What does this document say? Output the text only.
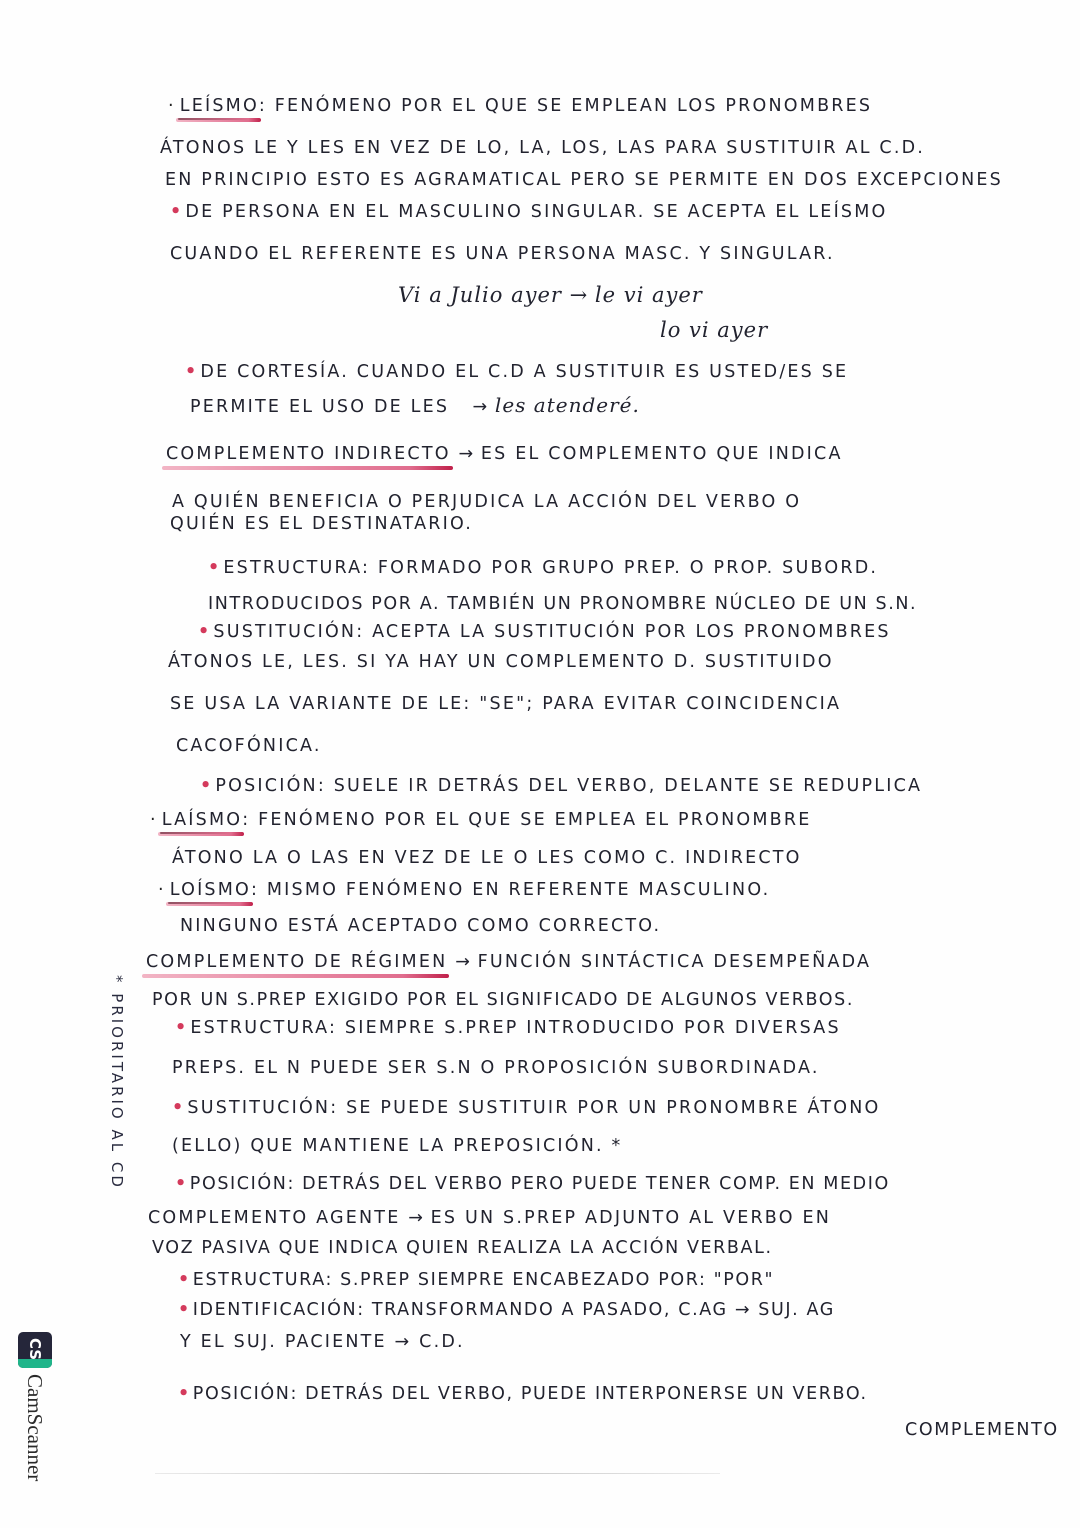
· LEÍSMO: FENÓMENO POR EL QUE SE EMPLEAN LOS PRONOMBRES
ÁTONOS LE Y LES EN VEZ DE LO, LA, LOS, LAS PARA SUSTITUIR AL C.D.
EN PRINCIPIO ESTO ES AGRAMATICAL PERO SE PERMITE EN DOS EXCEPCIONES
• DE PERSONA EN EL MASCULINO SINGULAR. SE ACEPTA EL LEÍSMO
CUANDO EL REFERENTE ES UNA PERSONA MASC. Y SINGULAR.
Vi a Julio ayer → le vi ayer
lo vi ayer
• DE CORTESÍA. CUANDO EL C.D A SUSTITUIR ES USTED/ES SE
PERMITE EL USO DE LES → les atenderé.
COMPLEMENTO INDIRECTO → ES EL COMPLEMENTO QUE INDICA
A QUIÉN BENEFICIA O PERJUDICA LA ACCIÓN DEL VERBO O
QUIÉN ES EL DESTINATARIO.
• ESTRUCTURA: FORMADO POR GRUPO PREP. O PROP. SUBORD.
INTRODUCIDOS POR A. TAMBIÉN UN PRONOMBRE NÚCLEO DE UN S.N.
• SUSTITUCIÓN: ACEPTA LA SUSTITUCIÓN POR LOS PRONOMBRES
ÁTONOS LE, LES. SI YA HAY UN COMPLEMENTO D. SUSTITUIDO
SE USA LA VARIANTE DE LE: "SE"; PARA EVITAR COINCIDENCIA
CACOFÓNICA.
• POSICIÓN: SUELE IR DETRÁS DEL VERBO, DELANTE SE REDUPLICA
· LAÍSMO: FENÓMENO POR EL QUE SE EMPLEA EL PRONOMBRE
ÁTONO LA O LAS EN VEZ DE LE O LES COMO C. INDIRECTO
· LOÍSMO: MISMO FENÓMENO EN REFERENTE MASCULINO.
NINGUNO ESTÁ ACEPTADO COMO CORRECTO.
COMPLEMENTO DE RÉGIMEN → FUNCIÓN SINTÁCTICA DESEMPEÑADA
POR UN S.PREP EXIGIDO POR EL SIGNIFICADO DE ALGUNOS VERBOS.
• ESTRUCTURA: SIEMPRE S.PREP INTRODUCIDO POR DIVERSAS
PREPS. EL N PUEDE SER S.N O PROPOSICIÓN SUBORDINADA.
• SUSTITUCIÓN: SE PUEDE SUSTITUIR POR UN PRONOMBRE ÁTONO
(ELLO) QUE MANTIENE LA PREPOSICIÓN. *
• POSICIÓN: DETRÁS DEL VERBO PERO PUEDE TENER COMP. EN MEDIO
* PRIORITARIO AL CD
COMPLEMENTO AGENTE → ES UN S.PREP ADJUNTO AL VERBO EN
VOZ PASIVA QUE INDICA QUIEN REALIZA LA ACCIÓN VERBAL.
• ESTRUCTURA: S.PREP SIEMPRE ENCABEZADO POR: "POR"
• IDENTIFICACIÓN: TRANSFORMANDO A PASADO, C.AG → SUJ. AG
Y EL SUJ. PACIENTE → C.D.
• POSICIÓN: DETRÁS DEL VERBO, PUEDE INTERPONERSE UN VERBO.
COMPLEMENTO
CS
CamScanner
